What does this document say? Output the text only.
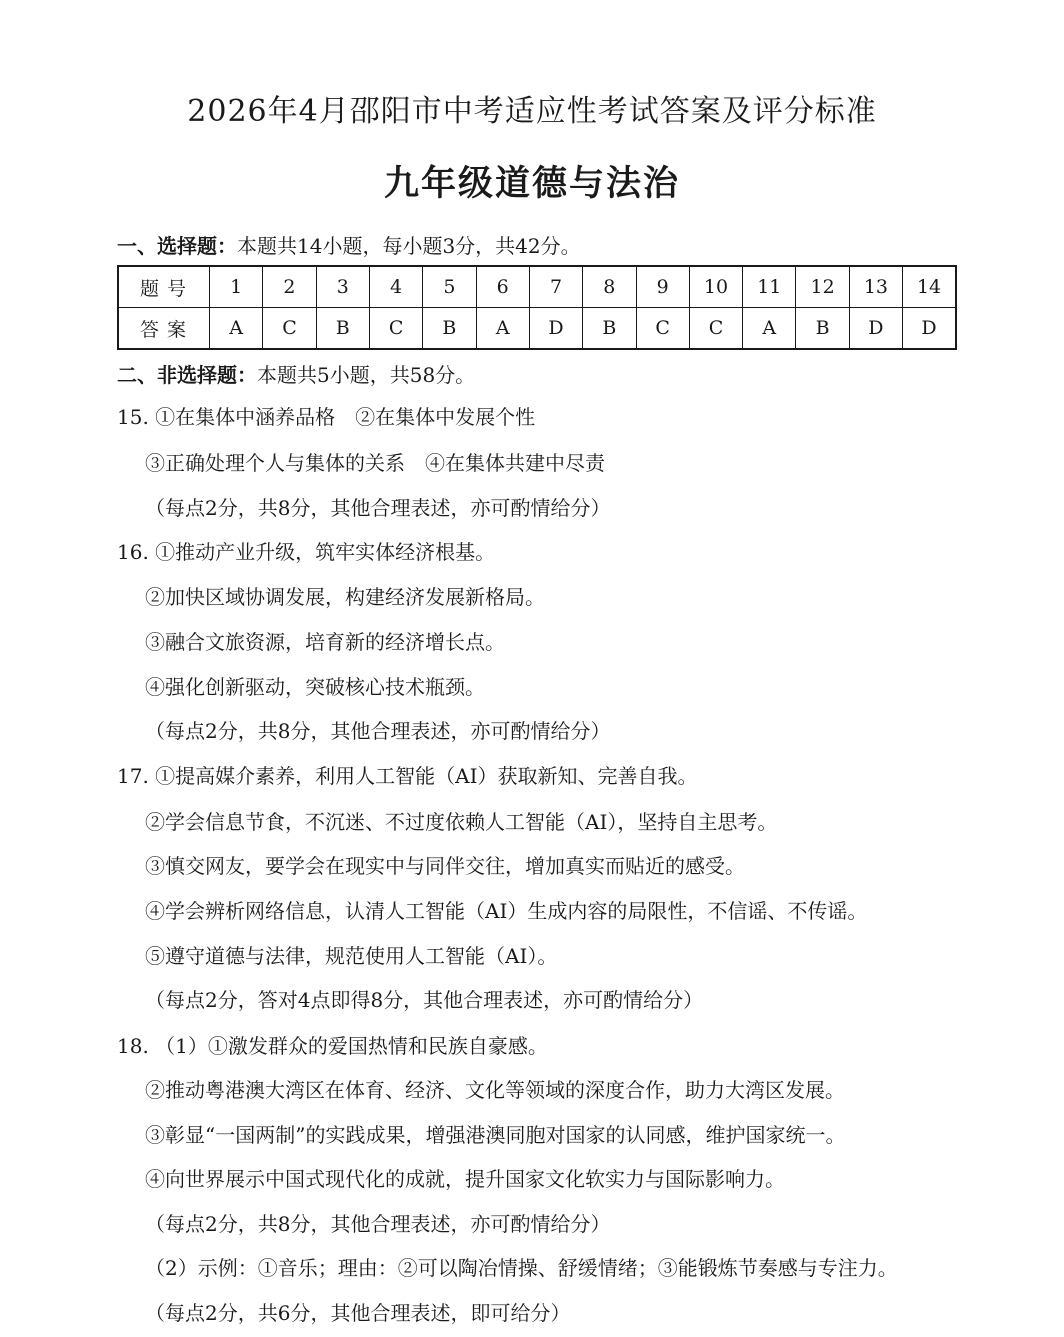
2026年4月邵阳市中考适应性考试答案及评分标准
九年级道德与法治
一、选择题：本题共14小题，每小题3分，共42分。
题号	1	2	3	4	5	6	7	8	9	10	11	12	13	14
答案	A	C	B	C	B	A	D	B	C	C	A	B	D	D
二、非选择题：本题共5小题，共58分。
15. ①在集体中涵养品格　②在集体中发展个性
③正确处理个人与集体的关系　④在集体共建中尽责
（每点2分，共8分，其他合理表述，亦可酌情给分）
16. ①推动产业升级，筑牢实体经济根基。
②加快区域协调发展，构建经济发展新格局。
③融合文旅资源，培育新的经济增长点。
④强化创新驱动，突破核心技术瓶颈。
（每点2分，共8分，其他合理表述，亦可酌情给分）
17. ①提高媒介素养，利用人工智能（AI）获取新知、完善自我。
②学会信息节食，不沉迷、不过度依赖人工智能（AI），坚持自主思考。
③慎交网友，要学会在现实中与同伴交往，增加真实而贴近的感受。
④学会辨析网络信息，认清人工智能（AI）生成内容的局限性，不信谣、不传谣。
⑤遵守道德与法律，规范使用人工智能（AI）。
（每点2分，答对4点即得8分，其他合理表述，亦可酌情给分）
18. （1）①激发群众的爱国热情和民族自豪感。
②推动粤港澳大湾区在体育、经济、文化等领域的深度合作，助力大湾区发展。
③彰显“一国两制”的实践成果，增强港澳同胞对国家的认同感，维护国家统一。
④向世界展示中国式现代化的成就，提升国家文化软实力与国际影响力。
（每点2分，共8分，其他合理表述，亦可酌情给分）
（2）示例：①音乐；理由：②可以陶冶情操、舒缓情绪；③能锻炼节奏感与专注力。
（每点2分，共6分，其他合理表述，即可给分）
